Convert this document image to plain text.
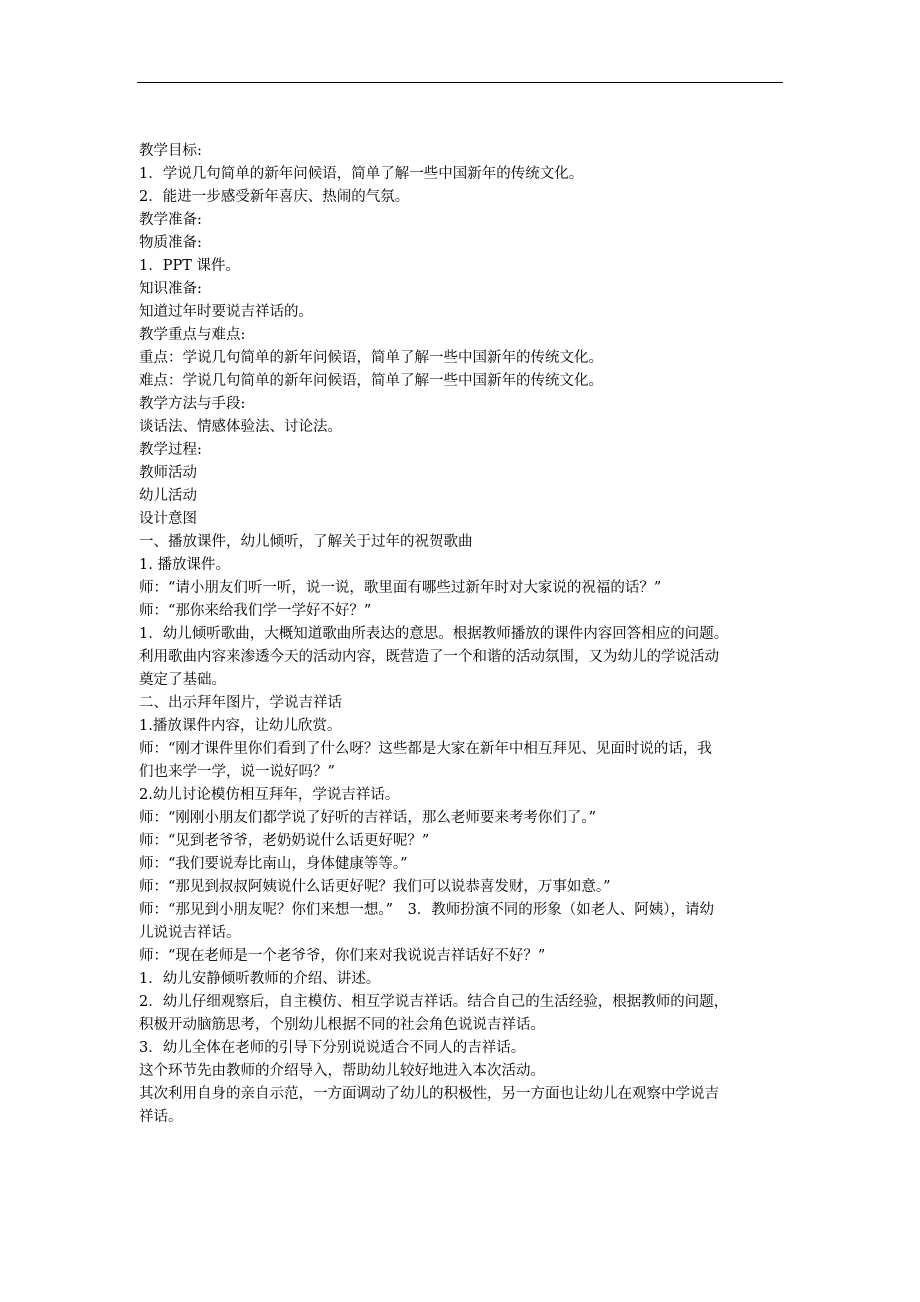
教学目标:
1．学说几句简单的新年问候语，简单了解一些中国新年的传统文化。
2．能进一步感受新年喜庆、热闹的气氛。
教学准备:
物质准备:
1．PPT 课件。
知识准备:
知道过年时要说吉祥话的。
教学重点与难点:
重点：学说几句简单的新年问候语，简单了解一些中国新年的传统文化。
难点：学说几句简单的新年问候语，简单了解一些中国新年的传统文化。
教学方法与手段:
谈话法、情感体验法、讨论法。
教学过程:
教师活动
幼儿活动
设计意图
一、播放课件，幼儿倾听，了解关于过年的祝贺歌曲
1. 播放课件。
师：“请小朋友们听一听，说一说，歌里面有哪些过新年时对大家说的祝福的话？”
师：“那你来给我们学一学好不好？”
1．幼儿倾听歌曲，大概知道歌曲所表达的意思。根据教师播放的课件内容回答相应的问题。
利用歌曲内容来渗透今天的活动内容，既营造了一个和谐的活动氛围，又为幼儿的学说活动
奠定了基础。
二、出示拜年图片，学说吉祥话
1.播放课件内容，让幼儿欣赏。
师：“刚才课件里你们看到了什么呀？这些都是大家在新年中相互拜见、见面时说的话，我
们也来学一学，说一说好吗？”
2.幼儿讨论模仿相互拜年，学说吉祥话。
师：“刚刚小朋友们都学说了好听的吉祥话，那么老师要来考考你们了。”
师：“见到老爷爷，老奶奶说什么话更好呢？”
师：“我们要说寿比南山，身体健康等等。”
师：“那见到叔叔阿姨说什么话更好呢？我们可以说恭喜发财，万事如意。”
师：“那见到小朋友呢？你们来想一想。”　3．教师扮演不同的形象（如老人、阿姨），请幼
儿说说吉祥话。
师：“现在老师是一个老爷爷，你们来对我说说吉祥话好不好？”
1．幼儿安静倾听教师的介绍、讲述。
2．幼儿仔细观察后，自主模仿、相互学说吉祥话。结合自己的生活经验，根据教师的问题，
积极开动脑筋思考，个别幼儿根据不同的社会角色说说吉祥话。
3．幼儿全体在老师的引导下分别说说适合不同人的吉祥话。
这个环节先由教师的介绍导入，帮助幼儿较好地进入本次活动。
其次利用自身的亲自示范，一方面调动了幼儿的积极性，另一方面也让幼儿在观察中学说吉
祥话。
